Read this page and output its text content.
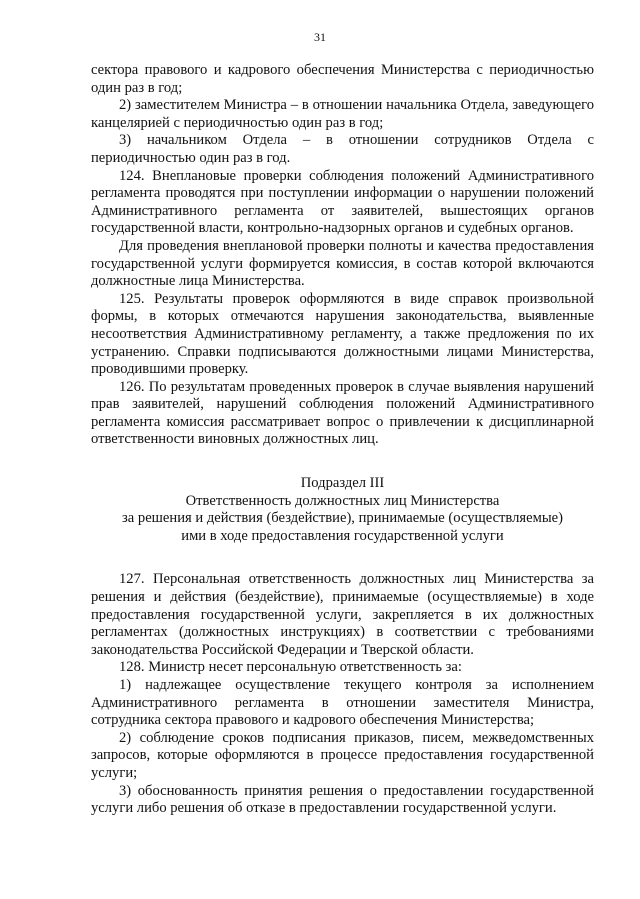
31

сектора правового и кадрового обеспечения Министерства с периодичностью один раз в год;

2) заместителем Министра – в отношении начальника Отдела, заведующего канцелярией с периодичностью один раз в год;

3) начальником Отдела – в отношении сотрудников Отдела с периодичностью один раз в год.

124. Внеплановые проверки соблюдения положений Административного регламента проводятся при поступлении информации о нарушении положений Административного регламента от заявителей, вышестоящих органов государственной власти, контрольно-надзорных органов и судебных органов.

Для проведения внеплановой проверки полноты и качества предоставления государственной услуги формируется комиссия, в состав которой включаются должностные лица Министерства.

125. Результаты проверок оформляются в виде справок произвольной формы, в которых отмечаются нарушения законодательства, выявленные несоответствия Административному регламенту, а также предложения по их устранению. Справки подписываются должностными лицами Министерства, проводившими проверку.

126. По результатам проведенных проверок в случае выявления нарушений прав заявителей, нарушений соблюдения положений Административного регламента комиссия рассматривает вопрос о привлечении к дисциплинарной ответственности виновных должностных лиц.

Подраздел III
Ответственность должностных лиц Министерства
за решения и действия (бездействие), принимаемые (осуществляемые)
ими в ходе предоставления государственной услуги

127. Персональная ответственность должностных лиц Министерства за решения и действия (бездействие), принимаемые (осуществляемые) в ходе предоставления государственной услуги, закрепляется в их должностных регламентах (должностных инструкциях) в соответствии с требованиями законодательства Российской Федерации и Тверской области.

128. Министр несет персональную ответственность за:

1) надлежащее осуществление текущего контроля за исполнением Административного регламента в отношении заместителя Министра, сотрудника сектора правового и кадрового обеспечения Министерства;

2) соблюдение сроков подписания приказов, писем, межведомственных запросов, которые оформляются в процессе предоставления государственной услуги;

3) обоснованность принятия решения о предоставлении государственной услуги либо решения об отказе в предоставлении государственной услуги.
